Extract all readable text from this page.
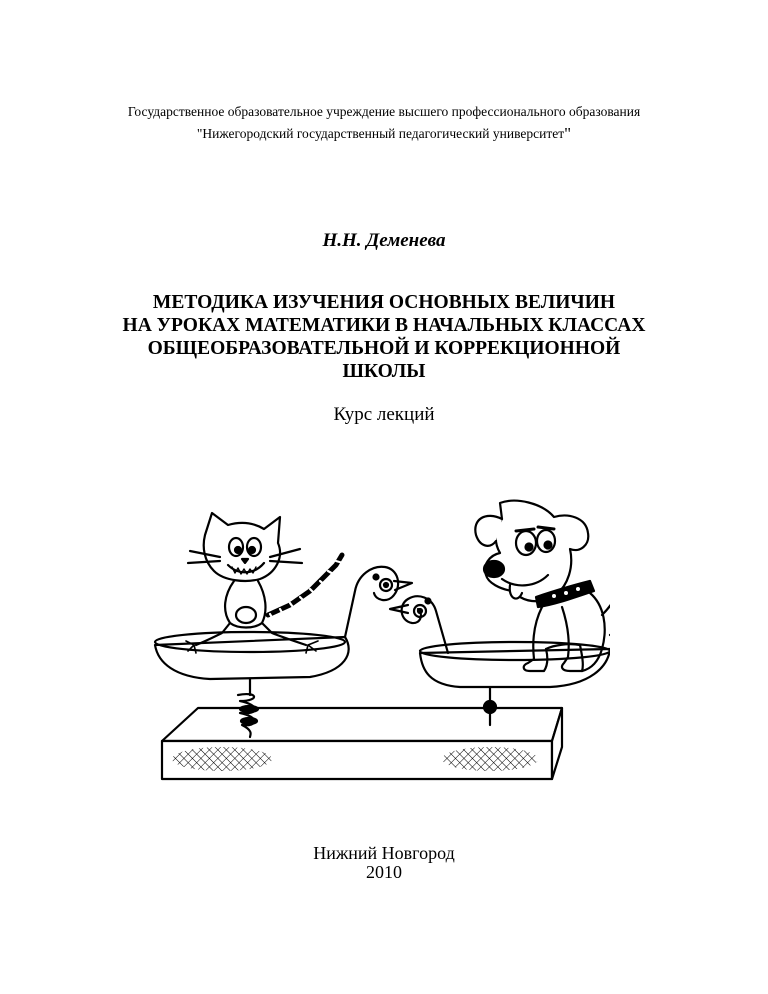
Государственное образовательное учреждение высшего профессионального образования
"Нижегородский государственный педагогический университет"
Н.Н. Деменева
МЕТОДИКА ИЗУЧЕНИЯ ОСНОВНЫХ ВЕЛИЧИН
НА УРОКАХ МАТЕМАТИКИ В НАЧАЛЬНЫХ КЛАССАХ
ОБЩЕОБРАЗОВАТЕЛЬНОЙ И КОРРЕКЦИОННОЙ
ШКОЛЫ
Курс лекций
Нижний Новгород
2010
